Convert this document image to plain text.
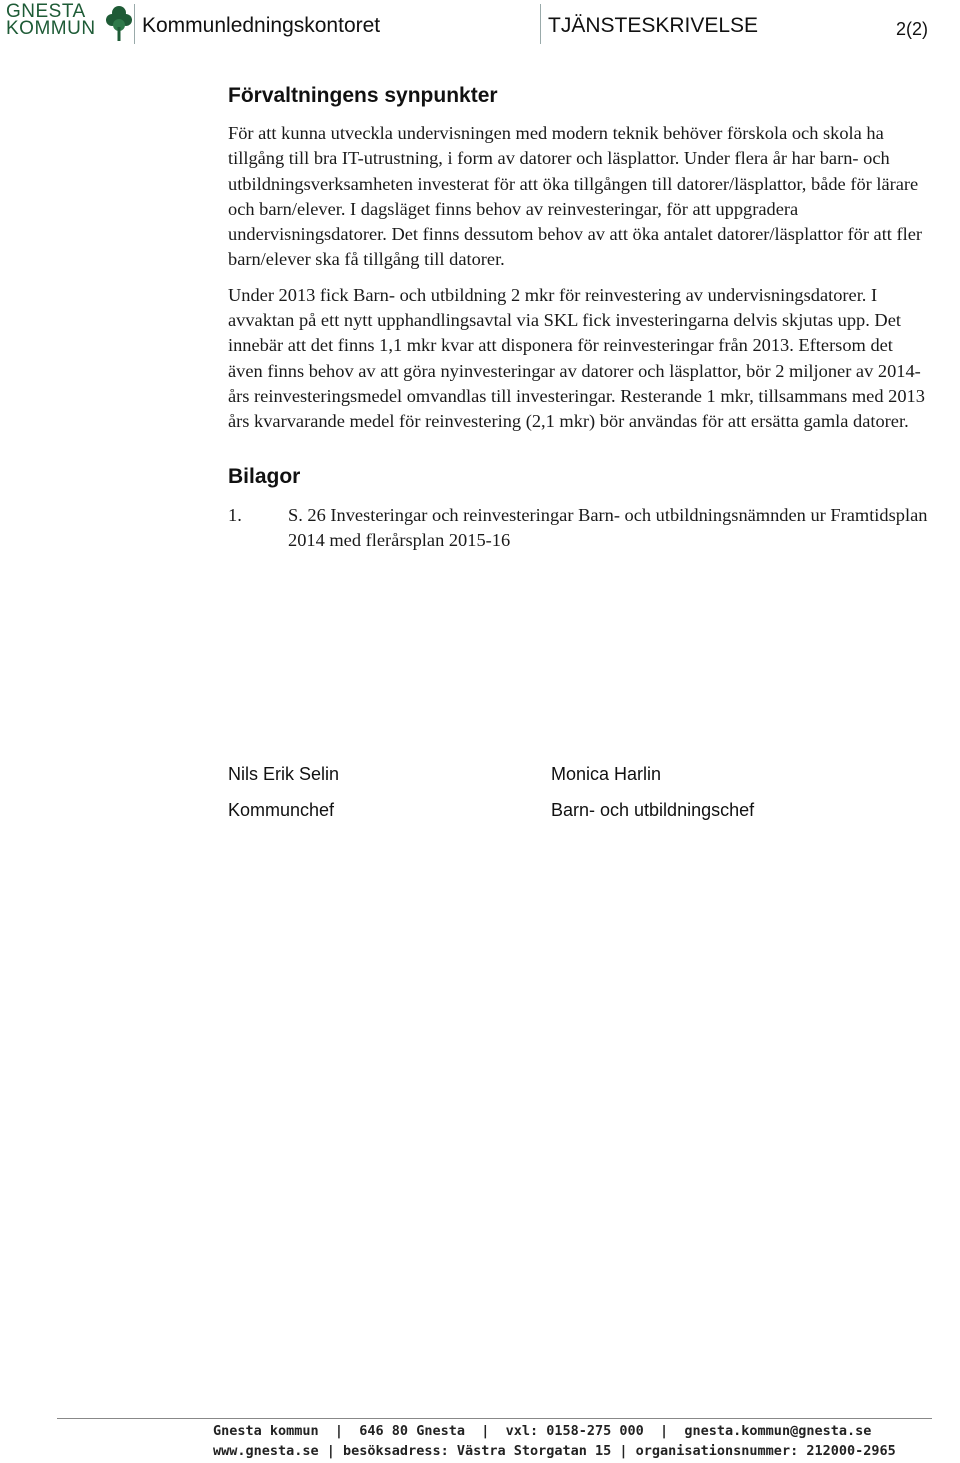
GNESTA
KOMMUN	Kommunledningskontoret	TJÄNSTESKRIVELSE	2(2)
Förvaltningens synpunkter

För att kunna utveckla undervisningen med modern teknik behöver förskola och skola ha tillgång till bra IT-utrustning, i form av datorer och läsplattor. Under flera år har barn- och utbildningsverksamheten investerat för att öka tillgången till datorer/läsplattor, både för lärare och barn/elever. I dagsläget finns behov av reinvesteringar, för att uppgradera undervisningsdatorer. Det finns dessutom behov av att öka antalet datorer/läsplattor för att fler barn/elever ska få tillgång till datorer.

Under 2013 fick Barn- och utbildning 2 mkr för reinvestering av undervisningsdatorer. I avvaktan på ett nytt upphandlingsavtal via SKL fick investeringarna delvis skjutas upp. Det innebär att det finns 1,1 mkr kvar att disponera för reinvesteringar från 2013. Eftersom det även finns behov av att göra nyinvesteringar av datorer och läsplattor, bör 2 miljoner av 2014-års reinvesteringsmedel omvandlas till investeringar. Resterande 1 mkr, tillsammans med 2013 års kvarvarande medel för reinvestering (2,1 mkr) bör användas för att ersätta gamla datorer.

Bilagor
1.	S. 26 Investeringar och reinvesteringar Barn- och utbildningsnämnden ur Framtidsplan 2014 med flerårsplan 2015-16

Nils Erik Selin
Kommunchef
Monica Harlin
Barn- och utbildningschef
Gnesta kommun  |  646 80 Gnesta  |  vxl: 0158-275 000  |  gnesta.kommun@gnesta.se
www.gnesta.se | besöksadress: Västra Storgatan 15 | organisationsnummer: 212000-2965
